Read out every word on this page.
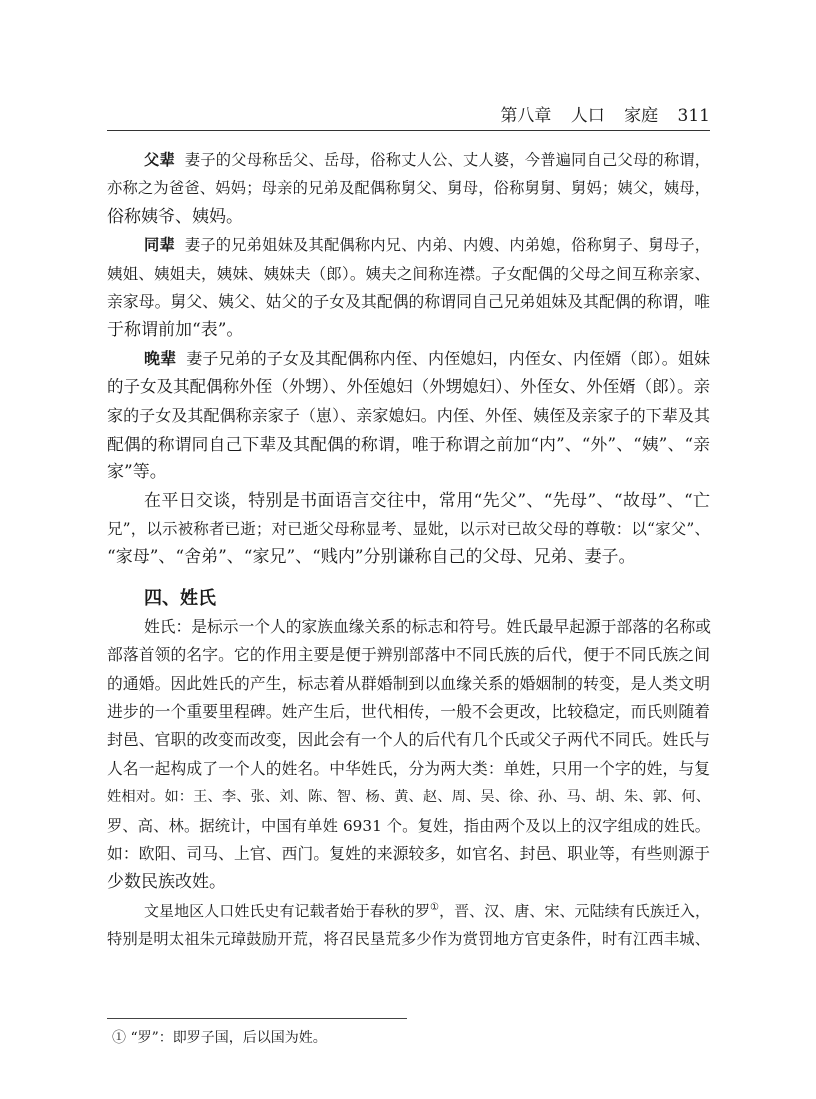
第八章 人口 家庭 311
父辈 妻子的父母称岳父、岳母，俗称丈人公、丈人婆，今普遍同自己父母的称谓，
亦称之为爸爸、妈妈；母亲的兄弟及配偶称舅父、舅母，俗称舅舅、舅妈；姨父，姨母，
俗称姨爷、姨妈。
同辈 妻子的兄弟姐妹及其配偶称内兄、内弟、内嫂、内弟媳，俗称舅子、舅母子，
姨姐、姨姐夫，姨妹、姨妹夫（郎）。姨夫之间称连襟。子女配偶的父母之间互称亲家、
亲家母。舅父、姨父、姑父的子女及其配偶的称谓同自己兄弟姐妹及其配偶的称谓，唯
于称谓前加“表”。
晚辈 妻子兄弟的子女及其配偶称内侄、内侄媳妇，内侄女、内侄婿（郎）。姐妹
的子女及其配偶称外侄（外甥）、外侄媳妇（外甥媳妇）、外侄女、外侄婿（郎）。亲
家的子女及其配偶称亲家子（崽）、亲家媳妇。内侄、外侄、姨侄及亲家子的下辈及其
配偶的称谓同自己下辈及其配偶的称谓，唯于称谓之前加“内”、“外”、“姨”、“亲
家”等。
在平日交谈，特别是书面语言交往中，常用“先父”、“先母”、“故母”、“亡
兄”，以示被称者已逝；对已逝父母称显考、显妣，以示对已故父母的尊敬：以“家父”、
“家母”、“舍弟”、“家兄”、“贱内”分别谦称自己的父母、兄弟、妻子。
四、姓氏
姓氏：是标示一个人的家族血缘关系的标志和符号。姓氏最早起源于部落的名称或
部落首领的名字。它的作用主要是便于辨别部落中不同氏族的后代，便于不同氏族之间
的通婚。因此姓氏的产生，标志着从群婚制到以血缘关系的婚姻制的转变，是人类文明
进步的一个重要里程碑。姓产生后，世代相传，一般不会更改，比较稳定，而氏则随着
封邑、官职的改变而改变，因此会有一个人的后代有几个氏或父子两代不同氏。姓氏与
人名一起构成了一个人的姓名。中华姓氏，分为两大类：单姓，只用一个字的姓，与复
姓相对。如：王、李、张、刘、陈、智、杨、黄、赵、周、吴、徐、孙、马、胡、朱、郭、何、
罗、高、林。据统计，中国有单姓 6931 个。复姓，指由两个及以上的汉字组成的姓氏。
如：欧阳、司马、上官、西门。复姓的来源较多，如官名、封邑、职业等，有些则源于
少数民族改姓。
文星地区人口姓氏史有记载者始于春秋的罗①，晋、汉、唐、宋、元陆续有氏族迁入，
特别是明太祖朱元璋鼓励开荒，将召民垦荒多少作为赏罚地方官吏条件，时有江西丰城、
① “罗”：即罗子国，后以国为姓。
